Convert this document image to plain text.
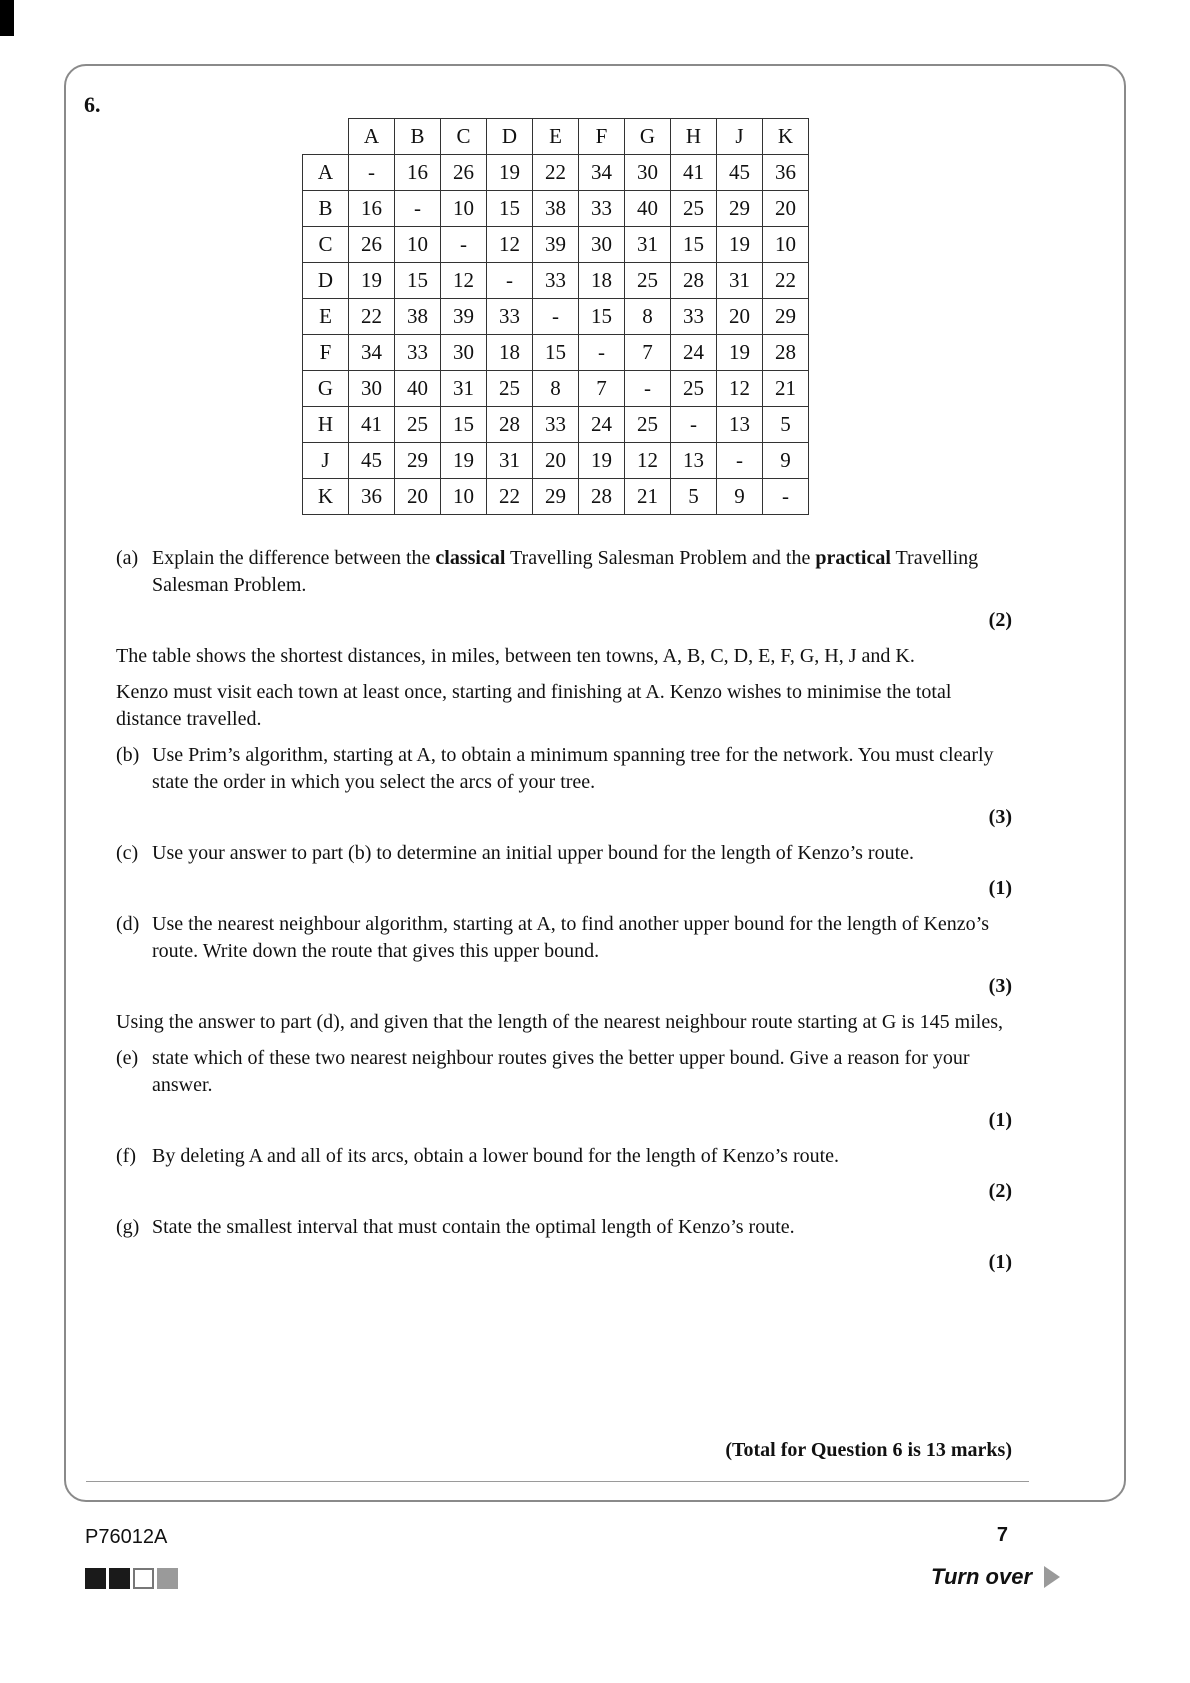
6.
	A	B	C	D	E	F	G	H	J	K
A	-	16	26	19	22	34	30	41	45	36
B	16	-	10	15	38	33	40	25	29	20
C	26	10	-	12	39	30	31	15	19	10
D	19	15	12	-	33	18	25	28	31	22
E	22	38	39	33	-	15	8	33	20	29
F	34	33	30	18	15	-	7	24	19	28
G	30	40	31	25	8	7	-	25	12	21
H	41	25	15	28	33	24	25	-	13	5
J	45	29	19	31	20	19	12	13	-	9
K	36	20	10	22	29	28	21	5	9	-
(a) Explain the difference between the classical Travelling Salesman Problem and the practical Travelling Salesman Problem.
(2)
The table shows the shortest distances, in miles, between ten towns, A, B, C, D, E, F, G, H, J and K.
Kenzo must visit each town at least once, starting and finishing at A. Kenzo wishes to minimise the total distance travelled.
(b) Use Prim’s algorithm, starting at A, to obtain a minimum spanning tree for the network. You must clearly state the order in which you select the arcs of your tree.
(3)
(c) Use your answer to part (b) to determine an initial upper bound for the length of Kenzo’s route.
(1)
(d) Use the nearest neighbour algorithm, starting at A, to find another upper bound for the length of Kenzo’s route. Write down the route that gives this upper bound.
(3)
Using the answer to part (d), and given that the length of the nearest neighbour route starting at G is 145 miles,
(e) state which of these two nearest neighbour routes gives the better upper bound. Give a reason for your answer.
(1)
(f) By deleting A and all of its arcs, obtain a lower bound for the length of Kenzo’s route.
(2)
(g) State the smallest interval that must contain the optimal length of Kenzo’s route.
(1)
(Total for Question 6 is 13 marks)
P76012A	7
Turn over
